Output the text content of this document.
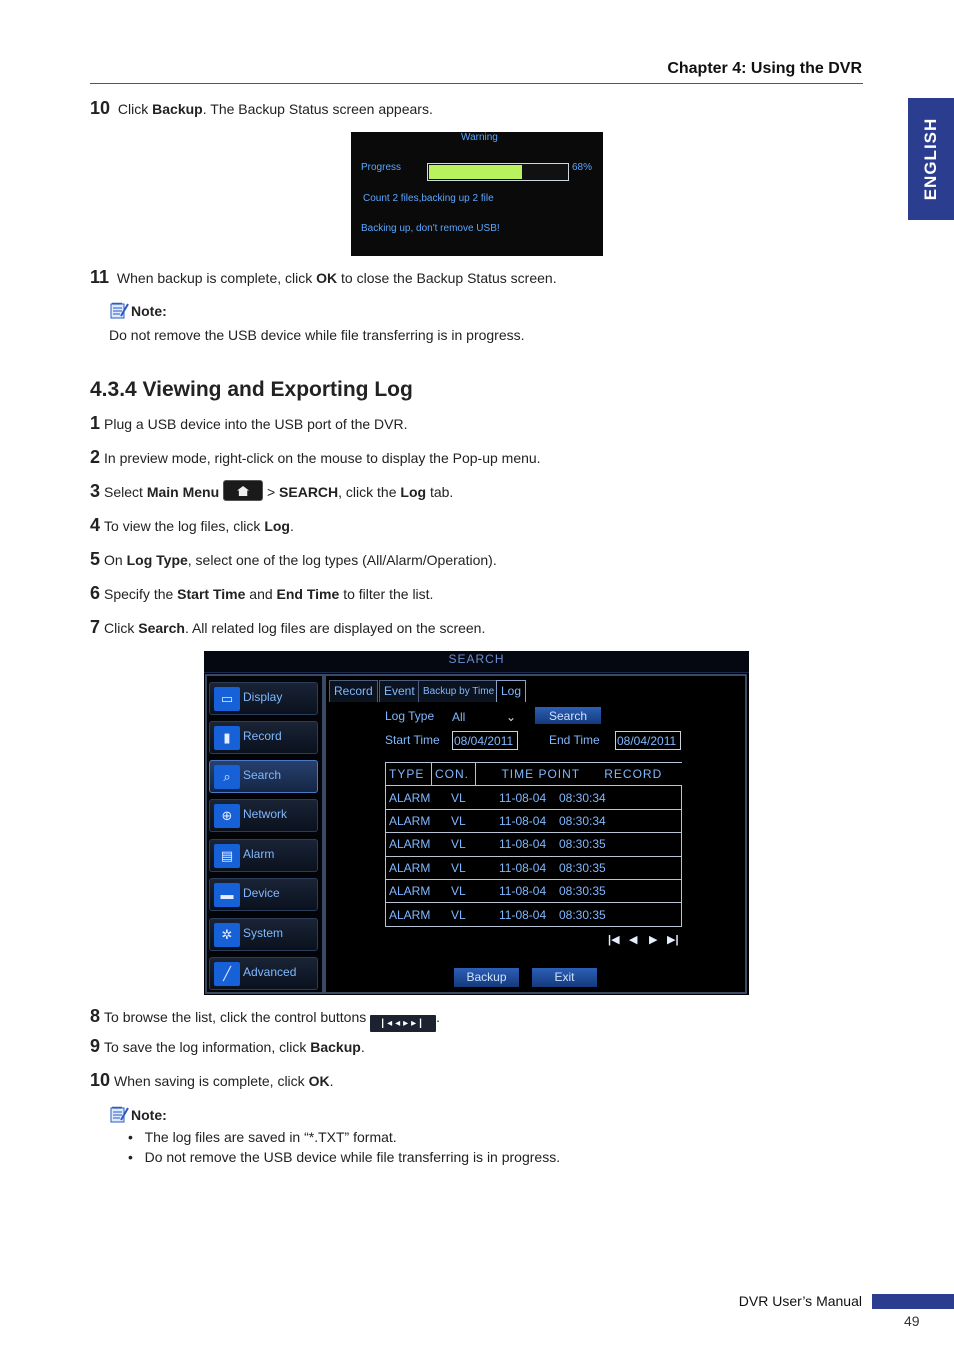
Chapter 4: Using the DVR
ENGLISH
10 Click Backup. The Backup Status screen appears.
Warning
Progress	68%
Count 2 files,backing up 2 file
Backing up, don't remove USB!
11 When backup is complete, click OK to close the Backup Status screen.
Note:
Do not remove the USB device while file transferring is in progress.
4.3.4 Viewing and Exporting Log
1 Plug a USB device into the USB port of the DVR.
2 In preview mode, right-click on the mouse to display the Pop-up menu.
3 Select Main Menu	> SEARCH, click the Log tab.
4 To view the log files, click Log.
5 On Log Type, select one of the log types (All/Alarm/Operation).
6 Specify the Start Time and End Time to filter the list.
7 Click Search. All related log files are displayed on the screen.
SEARCH
▭ Display
▮	Record
⌕	Search
⊕ Network
▤ Alarm
▬ Device
✲ System
╱	Advanced
Record Event Backup by Time Log
Log Type All	⌄	Search
Start Time 08/04/2011	End Time 08/04/2011
TYPE	CON.	TIME POINT RECORD
ALARM VL	11-08-04 08:30:34
ALARM VL	11-08-04 08:30:34
ALARM VL	11-08-04 08:30:35
ALARM VL	11-08-04 08:30:35
ALARM VL	11-08-04 08:30:35
ALARM VL	11-08-04 08:30:35
|◀ ◀ ▶ ▶|
Backup	Exit
8 To browse the list, click the control buttons |◂◂▸▸| .
9 To save the log information, click Backup.
10 When saving is complete, click OK.
Note:
•   The log files are saved in “*.TXT” format.
•   Do not remove the USB device while file transferring is in progress.
DVR User’s Manual
49
